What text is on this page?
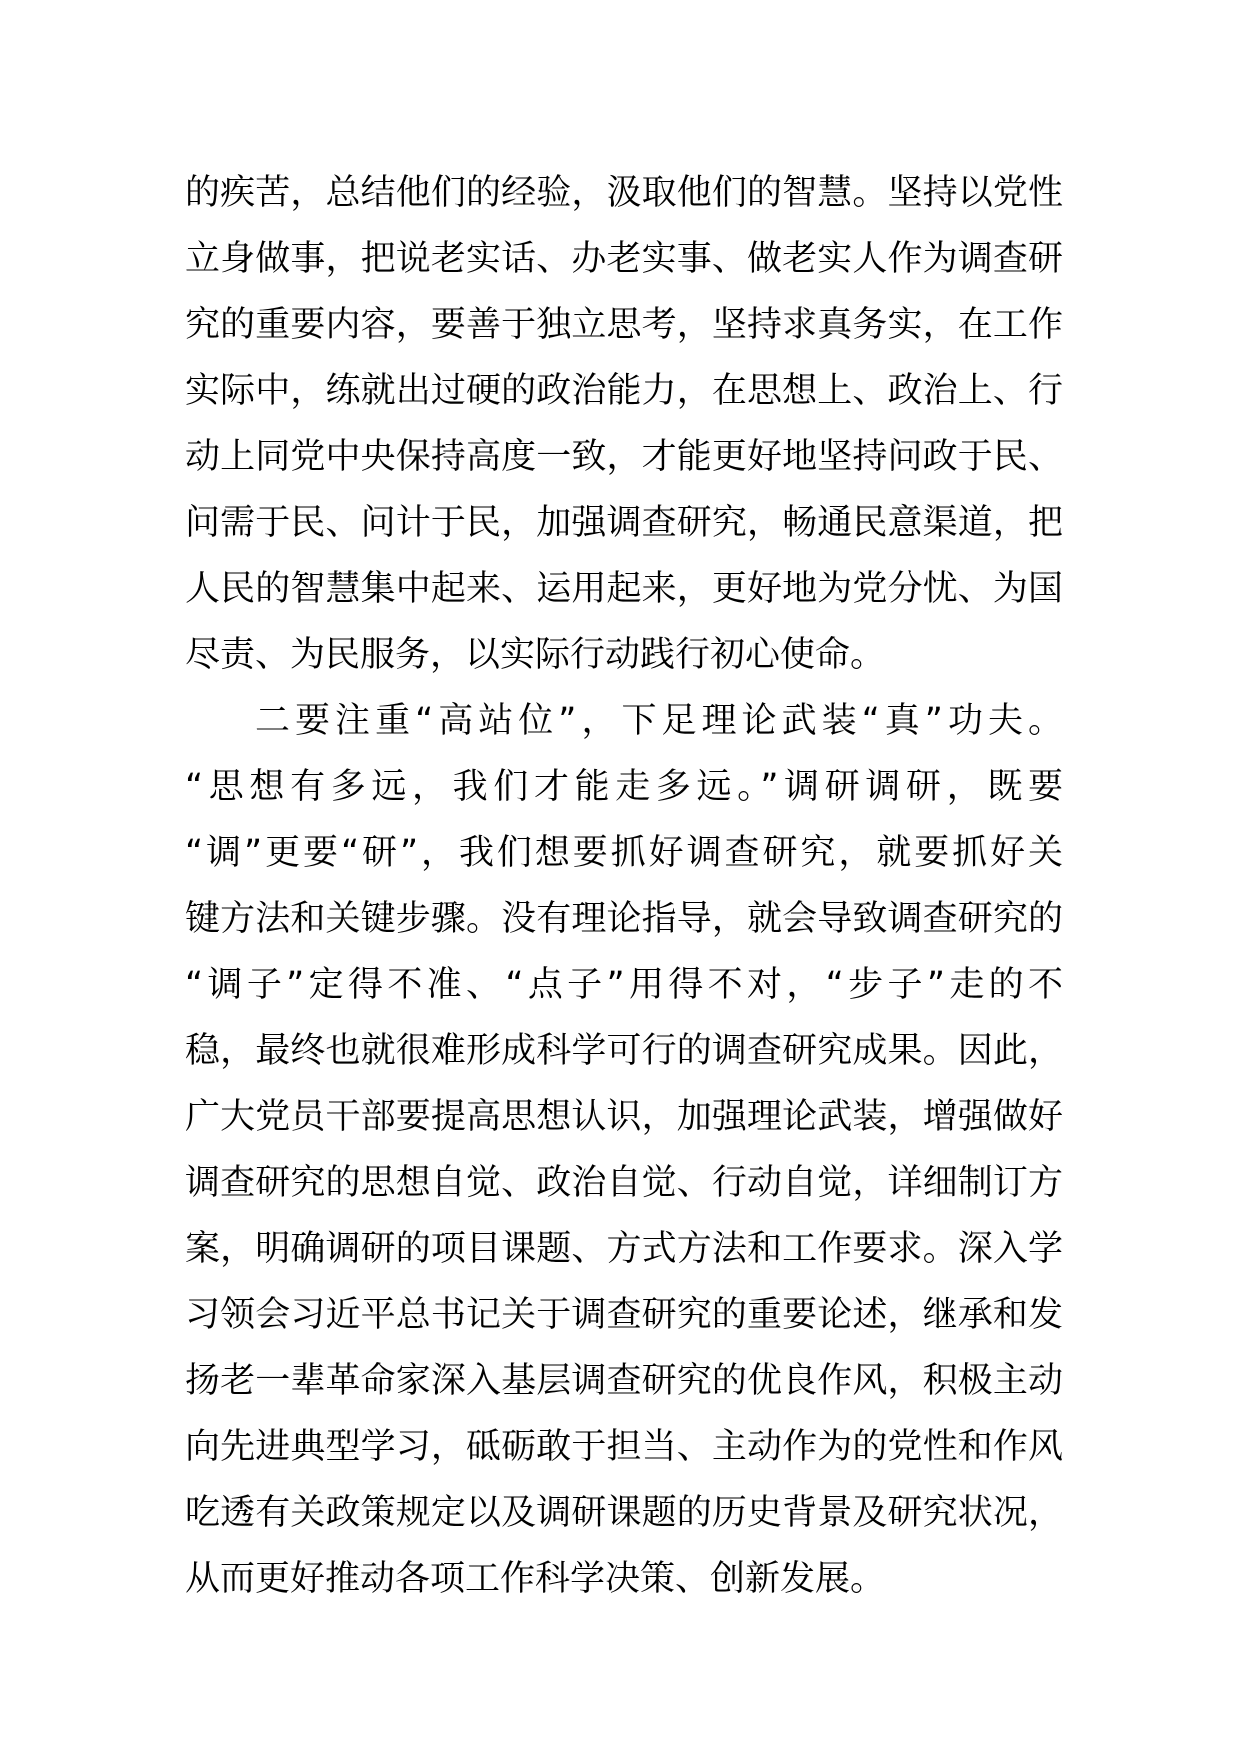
的疾苦，总结他们的经验，汲取他们的智慧。坚持以党性
立身做事，把说老实话、办老实事、做老实人作为调查研
究的重要内容，要善于独立思考，坚持求真务实，在工作
实际中，练就出过硬的政治能力，在思想上、政治上、行
动上同党中央保持高度一致，才能更好地坚持问政于民、
问需于民、问计于民，加强调查研究，畅通民意渠道，把
人民的智慧集中起来、运用起来，更好地为党分忧、为国
尽责、为民服务，以实际行动践行初心使命。
二要注重“高站位”，下足理论武装“真”功夫。
“思想有多远，我们才能走多远。”调研调研，既要
“调”更要“研”，我们想要抓好调查研究，就要抓好关
键方法和关键步骤。没有理论指导，就会导致调查研究的
“调子”定得不准、“点子”用得不对，“步子”走的不
稳，最终也就很难形成科学可行的调查研究成果。因此，
广大党员干部要提高思想认识，加强理论武装，增强做好
调查研究的思想自觉、政治自觉、行动自觉，详细制订方
案，明确调研的项目课题、方式方法和工作要求。深入学
习领会习近平总书记关于调查研究的重要论述，继承和发
扬老一辈革命家深入基层调查研究的优良作风，积极主动
向先进典型学习，砥砺敢于担当、主动作为的党性和作风
吃透有关政策规定以及调研课题的历史背景及研究状况，
从而更好推动各项工作科学决策、创新发展。
